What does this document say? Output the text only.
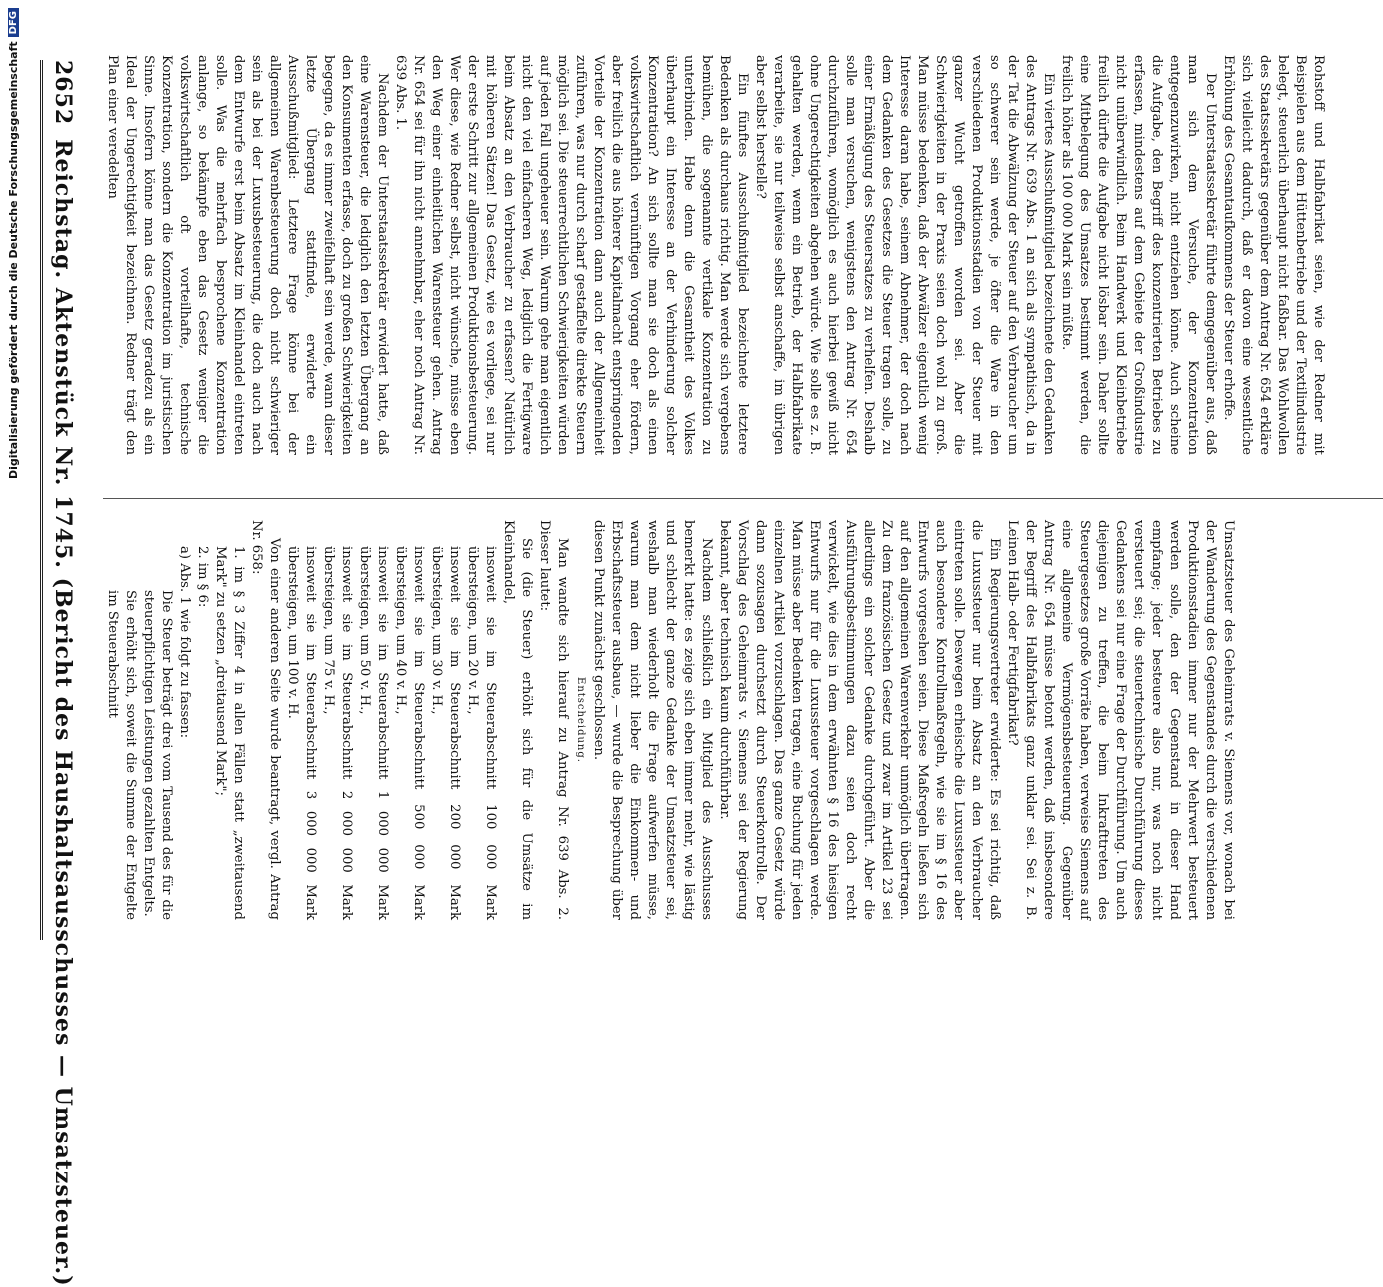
Digitalisierung gefördert durch die Deutsche Forschungsgemeinschaft
DFG
2652
Reichstag. Aktenstück Nr. 1745. (Bericht des Haushaltsausschusses — Umsatzsteuer.)	Rohstoff und Halbfabrikat seien, wie der Redner mit Beispielen aus dem Hüttenbetriebe und der Textilindustrie belegt, steuerlich überhaupt nicht faßbar. Das Wohlwollen des Staatssekretärs gegenüber dem Antrag Nr. 654 erkläre sich vielleicht dadurch, daß er davon eine wesentliche Erhöhung des Gesamtaufkommens der Steuer erhoffe.

Der Unterstaatssekretär führte demgegenüber aus, daß man sich dem Versuche, der Konzentration entgegenzuwirken, nicht entziehen könne. Auch scheine die Aufgabe, den Begriff des konzentrierten Betriebes zu erfassen, mindestens auf dem Gebiete der Großindustrie nicht unüberwindlich. Beim Handwerk und Kleinbetriebe freilich dürfte die Aufgabe nicht lösbar sein. Daher sollte eine Mitbelegung des Umsatzes bestimmt werden, die freilich höher als 100 000 Mark sein müßte.

Ein viertes Ausschußmitglied bezeichnete den Gedanken des Antrags Nr. 639 Abs. 1 an sich als sympathisch, da in der Tat die Abwälzung der Steuer auf den Verbraucher um so schwerer sein werde, je öfter die Ware in den verschiedenen Produktionsstadien von der Steuer mit ganzer Wucht getroffen worden sei. Aber die Schwierigkeiten in der Praxis seien doch wohl zu groß. Man müsse bedenken, daß der Abwälzer eigentlich wenig Interesse daran habe, seinem Abnehmer, der doch nach dem Gedanken des Gesetzes die Steuer tragen solle, zu einer Ermäßigung des Steuersatzes zu verhelfen. Deshalb solle man versuchen, wenigstens den Antrag Nr. 654 durchzuführen, womöglich es auch hierbei gewiß nicht ohne Ungerechtigkeiten abgehen würde. Wie solle es z. B. gehalten werden, wenn ein Betrieb, der Halbfabrikate verarbeite, sie nur teilweise selbst anschaffe, im übrigen aber selbst herstelle?

Ein fünftes Ausschußmitglied bezeichnete letztere Bedenken als durchaus richtig. Man werde sich vergebens bemühen, die sogenannte vertikale Konzentration zu unterbinden. Habe denn die Gesamtheit des Volkes überhaupt ein Interesse an der Verhinderung solcher Konzentration? An sich sollte man sie doch als einen volkswirtschaftlich vernünftigen Vorgang eher fördern, aber freilich die aus höherer Kapitalmacht entspringenden Vorteile der Konzentration dann auch der Allgemeinheit zuführen, was nur durch scharf gestaffelte direkte Steuern möglich sei. Die steuerrechtlichen Schwierigkeiten würden auf jeden Fall ungeheuer sein. Warum gehe man eigentlich nicht den viel einfacheren Weg, lediglich die Fertigware beim Absatz an den Verbraucher zu erfassen? Natürlich mit höheren Sätzen! Das Gesetz, wie es vorliege, sei nur der erste Schritt zur allgemeinen Produktionsbesteuerung. Wer diese, wie Redner selbst, nicht wünsche, müsse eben den Weg einer einheitlichen Warensteuer gehen. Antrag Nr. 654 sei für ihn nicht annehmbar, eher noch Antrag Nr. 639 Abs. 1.

Nachdem der Unterstaatssekretär erwidert hatte, daß eine Warensteuer, die lediglich den letzten Übergang an den Konsumenten erfasse, doch zu großen Schwierigkeiten begegne, da es immer zweifelhaft sein werde, wann dieser letzte Übergang stattfinde, erwiderte ein Ausschußmitglied: Letztere Frage könne bei der allgemeinen Warenbesteuerung doch nicht schwieriger sein als bei der Luxusbesteuerung, die doch auch nach dem Entwurfe erst beim Absatz im Kleinhandel eintreten solle. Was die mehrfach besprochene Konzentration anlange, so bekämpfe eben das Gesetz weniger die volkswirtschaftlich oft vorteilhafte, technische Konzentration, sondern die Konzentration im juristischen Sinne. Insofern könne man das Gesetz geradezu als ein Ideal der Ungerechtigkeit bezeichnen. Redner trägt den Plan einer veredelten

Umsatzsteuer des Geheimrats v. Siemens vor, wonach bei der Wanderung des Gegenstandes durch die verschiedenen Produktionsstadien immer nur der Mehrwert besteuert werden solle, den der Gegenstand in dieser Hand empfange; jeder besteuere also nur, was noch nicht versteuert sei; die steuertechnische Durchführung dieses Gedankens sei nur eine Frage der Durchführung. Um auch diejenigen zu treffen, die beim Inkrafttreten des Steuergesetzes große Vorräte haben, verweise Siemens auf eine allgemeine Vermögensbesteuerung. Gegenüber Antrag Nr. 654 müsse betont werden, daß insbesondere der Begriff des Halbfabrikats ganz unklar sei. Sei z. B. Leinen Halb- oder Fertigfabrikat?

Ein Regierungsvertreter erwiderte: Es sei richtig, daß die Luxussteuer nur beim Absatz an den Verbraucher eintreten solle. Deswegen erheische die Luxussteuer aber auch besondere Kontrollmaßregeln, wie sie im § 16 des Entwurfs vorgesehen seien. Diese Maßregeln ließen sich auf den allgemeinen Warenverkehr unmöglich übertragen. Zu dem französischen Gesetz und zwar im Artikel 23 sei allerdings ein solcher Gedanke durchgeführt. Aber die Ausführungsbestimmungen dazu seien doch recht verwickelt, wie dies in dem erwähnten § 16 des hiesigen Entwurfs nur für die Luxussteuer vorgeschlagen werde. Man müsse aber Bedenken tragen, eine Buchung für jeden einzelnen Artikel vorzuschlagen. Das ganze Gesetz würde dann sozusagen durchsetzt durch Steuerkontrolle. Der Vorschlag des Geheimrats v. Siemens sei der Regierung bekannt, aber technisch kaum durchführbar.

Nachdem schließlich ein Mitglied des Ausschusses bemerkt hatte: es zeige sich eben immer mehr, wie lästig und schlecht der ganze Gedanke der Umsatzsteuer sei, weshalb man wiederholt die Frage aufwerfen müsse, warum man dem nicht lieber die Einkommen- und Erbschaftssteuer ausbaue, — wurde die Besprechung über diesen Punkt zunächst geschlossen.

Entscheidung.

Man wandte sich hierauf zu Antrag Nr. 639 Abs. 2. Dieser lautet:

Sie (die Steuer) erhöht sich für die Umsätze im Kleinhandel,

insoweit sie im Steuerabschnitt 100 000 Mark übersteigen, um 20 v. H.,

insoweit sie im Steuerabschnitt 200 000 Mark übersteigen, um 30 v. H.,

insoweit sie im Steuerabschnitt 500 000 Mark übersteigen, um 40 v. H.,

insoweit sie im Steuerabschnitt 1 000 000 Mark übersteigen, um 50 v. H.,

insoweit sie im Steuerabschnitt 2 000 000 Mark übersteigen, um 75 v. H.,

insoweit sie im Steuerabschnitt 3 000 000 Mark übersteigen, um 100 v. H.

Von einer anderen Seite wurde beantragt, vergl. Antrag Nr. 658:

1. im § 3 Ziffer 4 in allen Fällen statt „zweitausend Mark" zu setzen „dreitausend Mark";

2. im § 6:

a) Abs. 1 wie folgt zu fassen:

Die Steuer beträgt drei vom Tausend des für die steuerpflichtigen Leistungen gezahlten Entgelts.

Sie erhöht sich, soweit die Summe der Entgelte im Steuerabschnitt
